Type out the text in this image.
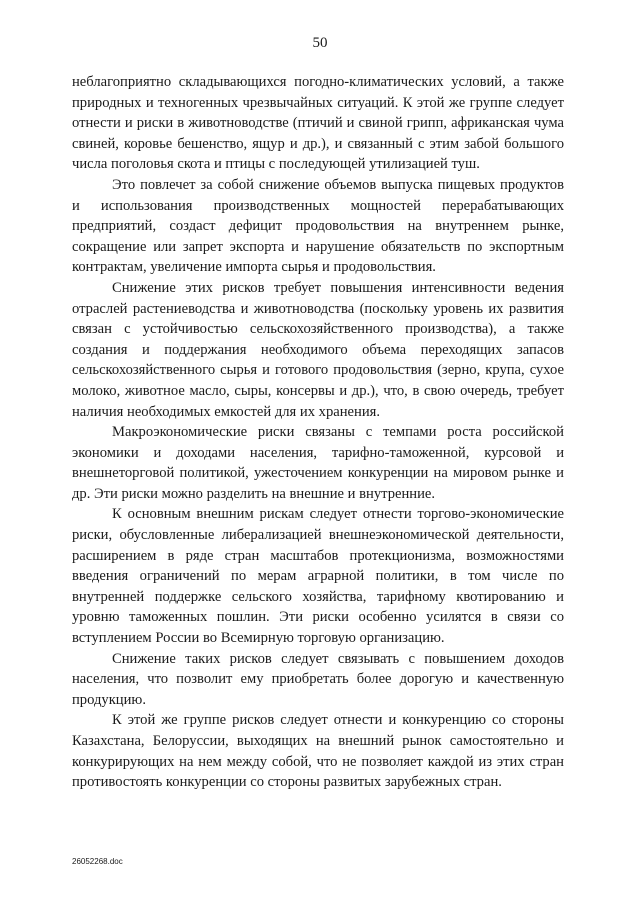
50

неблагоприятно складывающихся погодно-климатических условий, а также природных и техногенных чрезвычайных ситуаций. К этой же группе следует отнести и риски в животноводстве (птичий и свиной грипп, африканская чума свиней, коровье бешенство, ящур и др.), и связанный с этим забой большого числа поголовья скота и птицы с последующей утилизацией туш.

Это повлечет за собой снижение объемов выпуска пищевых продуктов и использования производственных мощностей перерабатывающих предприятий, создаст дефицит продовольствия на внутреннем рынке, сокращение или запрет экспорта и нарушение обязательств по экспортным контрактам, увеличение импорта сырья и продовольствия.

Снижение этих рисков требует повышения интенсивности ведения отраслей растениеводства и животноводства (поскольку уровень их развития связан с устойчивостью сельскохозяйственного производства), а также создания и поддержания необходимого объема переходящих запасов сельскохозяйственного сырья и готового продовольствия (зерно, крупа, сухое молоко, животное масло, сыры, консервы и др.), что, в свою очередь, требует наличия необходимых емкостей для их хранения.

Макроэкономические риски связаны с темпами роста российской экономики и доходами населения, тарифно-таможенной, курсовой и внешнеторговой политикой, ужесточением конкуренции на мировом рынке и др. Эти риски можно разделить на внешние и внутренние.

К основным внешним рискам следует отнести торгово-экономические риски, обусловленные либерализацией внешнеэкономической деятельности, расширением в ряде стран масштабов протекционизма, возможностями введения ограничений по мерам аграрной политики, в том числе по внутренней поддержке сельского хозяйства, тарифному квотированию и уровню таможенных пошлин. Эти риски особенно усилятся в связи со вступлением России во Всемирную торговую организацию.

Снижение таких рисков следует связывать с повышением доходов населения, что позволит ему приобретать более дорогую и качественную продукцию.

К этой же группе рисков следует отнести и конкуренцию со стороны Казахстана, Белоруссии, выходящих на внешний рынок самостоятельно и конкурирующих на нем между собой, что не позволяет каждой из этих стран противостоять конкуренции со стороны развитых зарубежных стран.

26052268.doc
